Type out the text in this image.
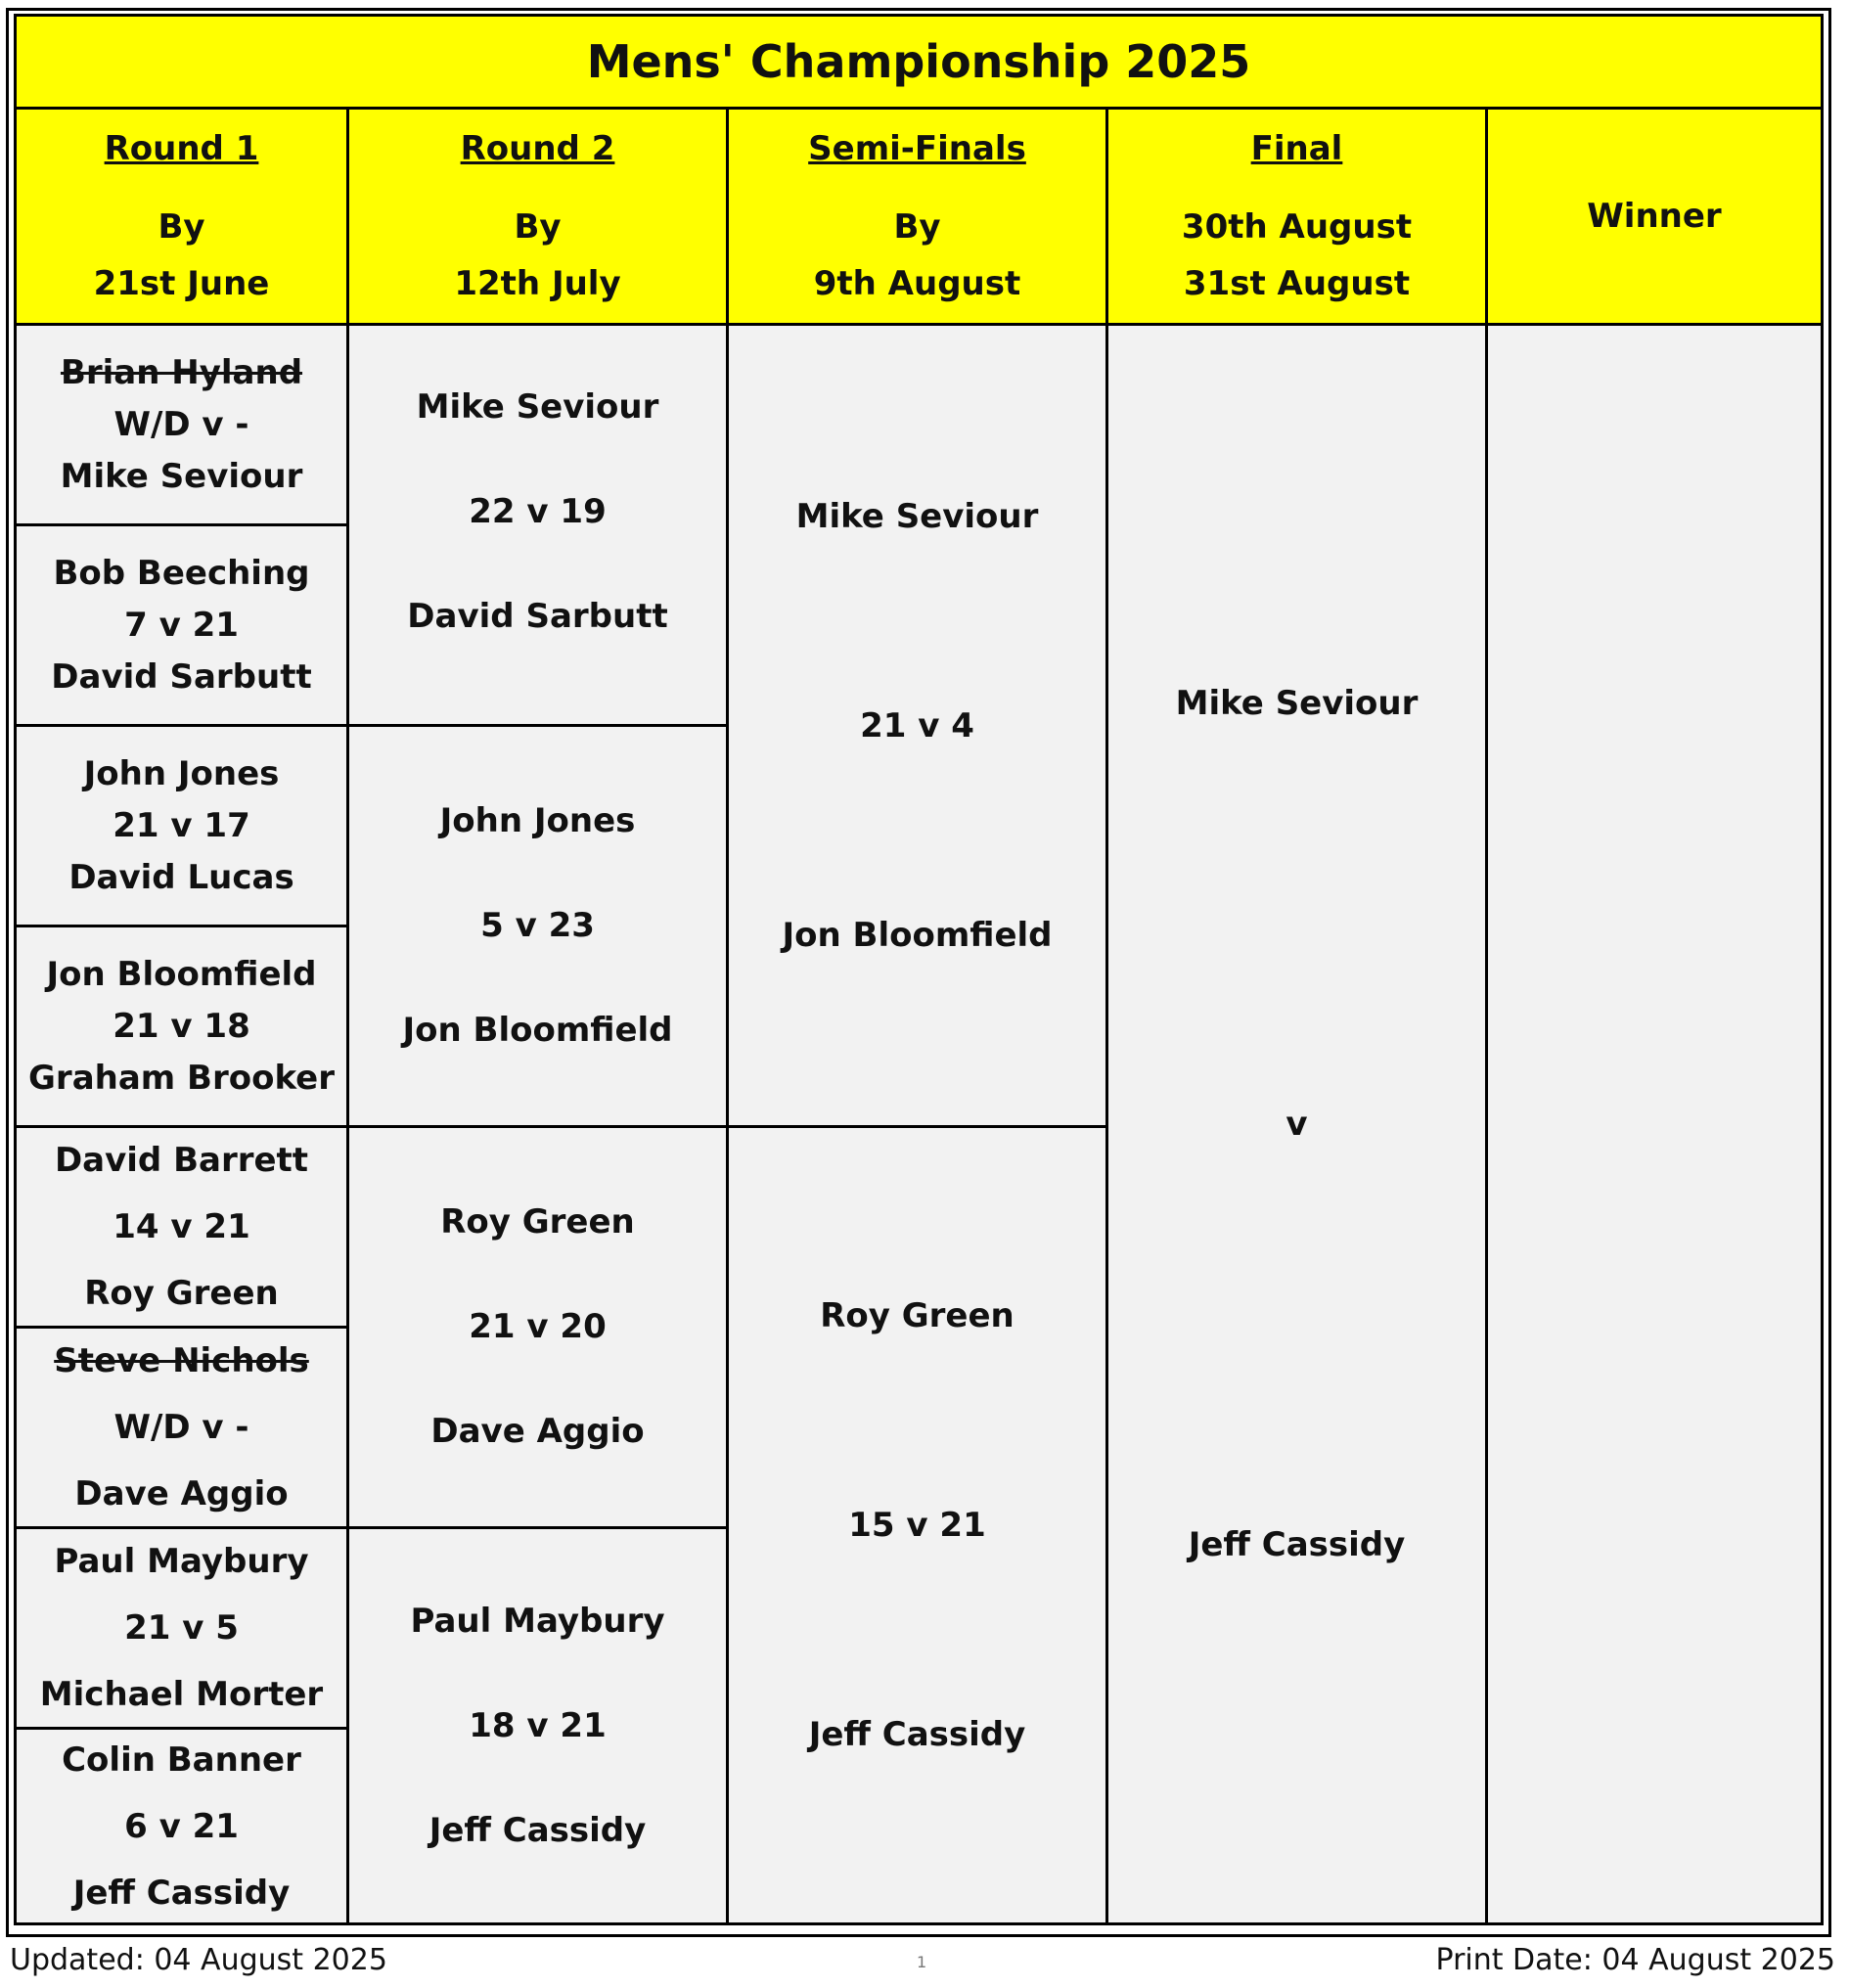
Mens' Championship 2025
Round 1
By
21st June
Round 2
By
12th July
Semi-Finals
By
9th August
Final
30th August
31st August
Winner
Brian Hyland
W/D v -
Mike Seviour
Bob Beeching
7 v 21
David Sarbutt
John Jones
21 v 17
David Lucas
Jon Bloomfield
21 v 18
Graham Brooker
David Barrett
14 v 21
Roy Green
Steve Nichols
W/D v -
Dave Aggio
Paul Maybury
21 v 5
Michael Morter
Colin Banner
6 v 21
Jeff Cassidy
Mike Seviour
22 v 19
David Sarbutt
John Jones
5 v 23
Jon Bloomfield
Roy Green
21 v 20
Dave Aggio
Paul Maybury
18 v 21
Jeff Cassidy
Mike Seviour
21 v 4
Jon Bloomfield
Roy Green
15 v 21
Jeff Cassidy
Mike Seviour
v
Jeff Cassidy
Updated: 04 August 2025	1	Print Date: 04 August 2025
